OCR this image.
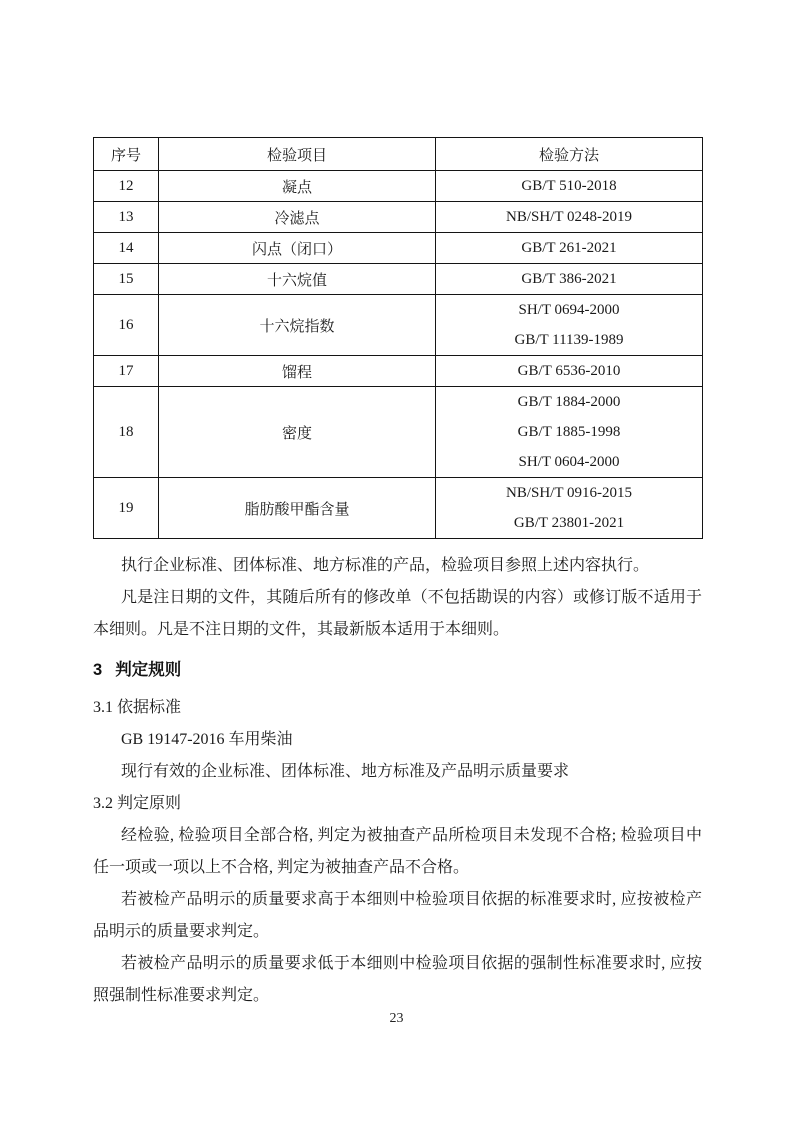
序号	检验项目	检验方法
12	凝点	GB/T 510-2018

13	冷滤点	NB/SH/T 0248-2019

14	闪点（闭口）	GB/T 261-2021

15	十六烷值	GB/T 386-2021

16	十六烷指数	SH/T 0694-2000
GB/T 11139-1989

17	馏程	GB/T 6536-2010

18	密度	GB/T 1884-2000
GB/T 1885-1998
SH/T 0604-2000

19	脂肪酸甲酯含量	NB/SH/T 0916-2015
GB/T 23801-2021

执行企业标准、团体标准、地方标准的产品，检验项目参照上述内容执行。

凡是注日期的文件，其随后所有的修改单（不包括勘误的内容）或修订版不适用于本细则。凡是不注日期的文件，其最新版本适用于本细则。

3 判定规则

3.1 依据标准

GB 19147-2016 车用柴油

现行有效的企业标准、团体标准、地方标准及产品明示质量要求

3.2 判定原则

经检验, 检验项目全部合格, 判定为被抽查产品所检项目未发现不合格; 检验项目中任一项或一项以上不合格, 判定为被抽查产品不合格。

若被检产品明示的质量要求高于本细则中检验项目依据的标准要求时, 应按被检产品明示的质量要求判定。

若被检产品明示的质量要求低于本细则中检验项目依据的强制性标准要求时, 应按照强制性标准要求判定。

23
